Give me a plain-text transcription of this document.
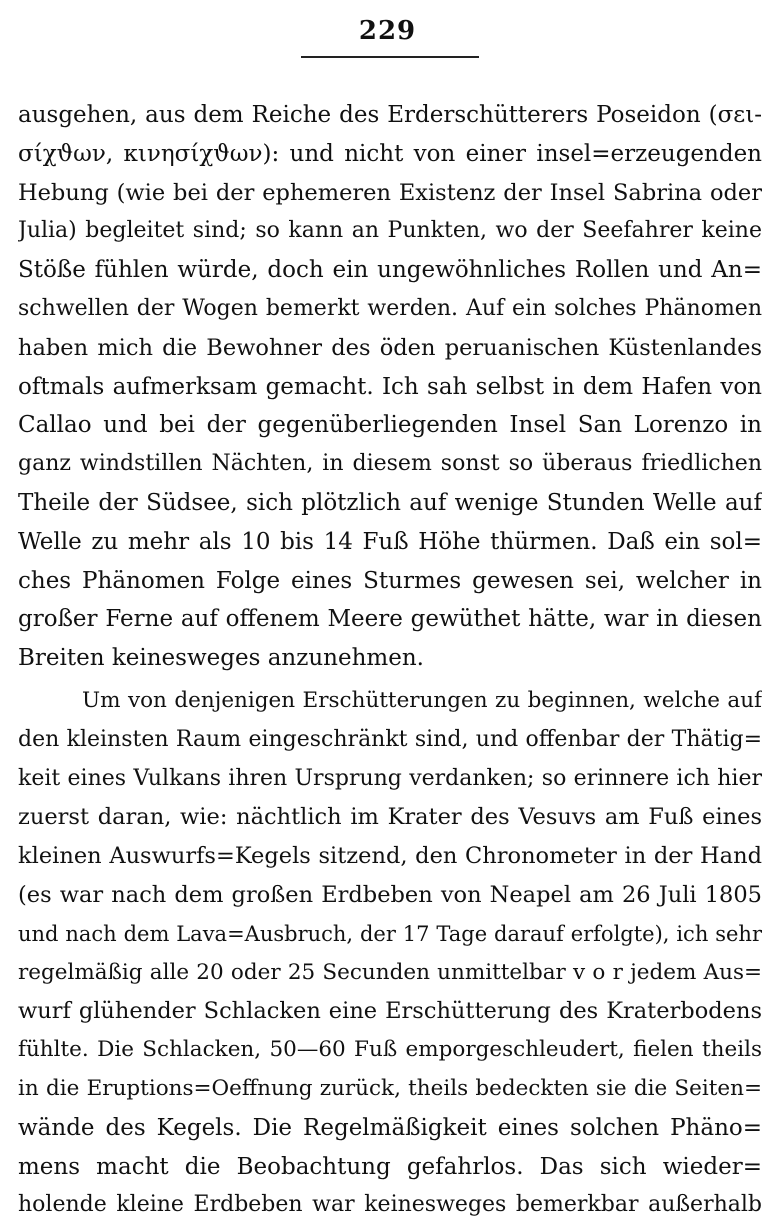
229
ausgehen, aus dem Reiche des Erderschütterers Poseidon (σει-
σίχϑων, κινησίχϑων): und nicht von einer insel=erzeugenden
Hebung (wie bei der ephemeren Existenz der Insel Sabrina oder
Julia) begleitet sind; so kann an Punkten, wo der Seefahrer keine
Stöße fühlen würde, doch ein ungewöhnliches Rollen und An=
schwellen der Wogen bemerkt werden. Auf ein solches Phänomen
haben mich die Bewohner des öden peruanischen Küstenlandes
oftmals aufmerksam gemacht. Ich sah selbst in dem Hafen von
Callao und bei der gegenüberliegenden Insel San Lorenzo in
ganz windstillen Nächten, in diesem sonst so überaus friedlichen
Theile der Südsee, sich plötzlich auf wenige Stunden Welle auf
Welle zu mehr als 10 bis 14 Fuß Höhe thürmen. Daß ein sol=
ches Phänomen Folge eines Sturmes gewesen sei, welcher in
großer Ferne auf offenem Meere gewüthet hätte, war in diesen
Breiten keinesweges anzunehmen.
Um von denjenigen Erschütterungen zu beginnen, welche auf
den kleinsten Raum eingeschränkt sind, und offenbar der Thätig=
keit eines Vulkans ihren Ursprung verdanken; so erinnere ich hier
zuerst daran, wie: nächtlich im Krater des Vesuvs am Fuß eines
kleinen Auswurfs=Kegels sitzend, den Chronometer in der Hand
(es war nach dem großen Erdbeben von Neapel am 26 Juli 1805
und nach dem Lava=Ausbruch, der 17 Tage darauf erfolgte), ich sehr
regelmäßig alle 20 oder 25 Secunden unmittelbar v o r jedem Aus=
wurf glühender Schlacken eine Erschütterung des Kraterbodens
fühlte. Die Schlacken, 50—60 Fuß emporgeschleudert, fielen theils
in die Eruptions=Oeffnung zurück, theils bedeckten sie die Seiten=
wände des Kegels. Die Regelmäßigkeit eines solchen Phäno=
mens macht die Beobachtung gefahrlos. Das sich wieder=
holende kleine Erdbeben war keinesweges bemerkbar außerhalb
